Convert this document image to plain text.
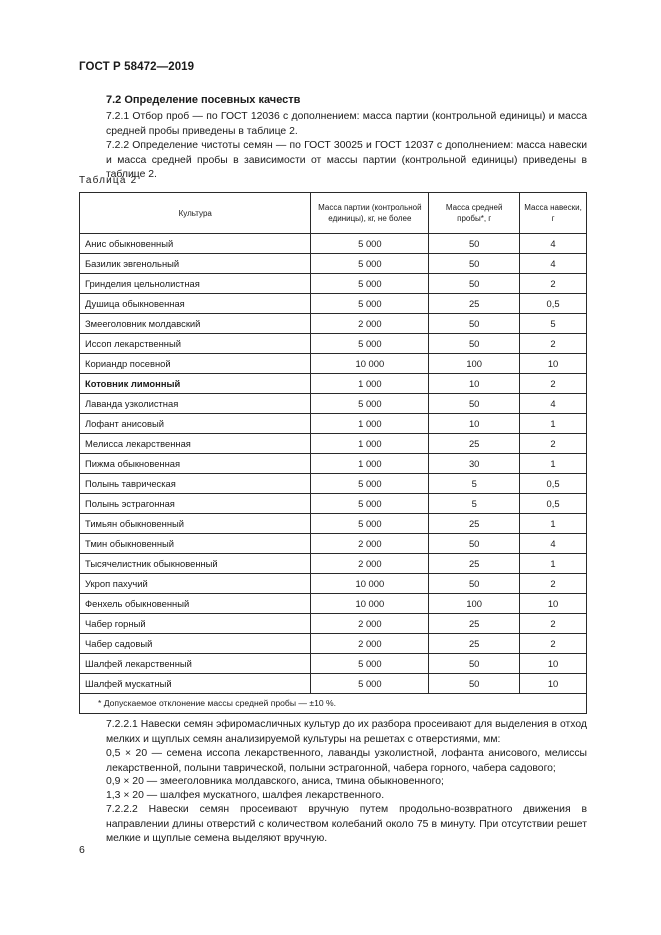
ГОСТ Р 58472—2019
7.2 Определение посевных качеств
7.2.1 Отбор проб — по ГОСТ 12036 с дополнением: масса партии (контрольной единицы) и масса средней пробы приведены в таблице 2.
7.2.2 Определение чистоты семян — по ГОСТ 30025 и ГОСТ 12037 с дополнением: масса навески и масса средней пробы в зависимости от массы партии (контрольной единицы) приведены в таблице 2.
Таблица 2
Культура	Масса партии (контрольной единицы), кг, не более	Масса средней пробы*, г	Масса навески, г
Анис обыкновенный	5 000	50	4
Базилик эвгенольный	5 000	50	4
Гринделия цельнолистная	5 000	50	2
Душица обыкновенная	5 000	25	0,5
Змееголовник молдавский	2 000	50	5
Иссоп лекарственный	5 000	50	2
Кориандр посевной	10 000	100	10
Котовник лимонный	1 000	10	2
Лаванда узколистная	5 000	50	4
Лофант анисовый	1 000	10	1
Мелисса лекарственная	1 000	25	2
Пижма обыкновенная	1 000	30	1
Полынь таврическая	5 000	5	0,5
Полынь эстрагонная	5 000	5	0,5
Тимьян обыкновенный	5 000	25	1
Тмин обыкновенный	2 000	50	4
Тысячелистник обыкновенный	2 000	25	1
Укроп пахучий	10 000	50	2
Фенхель обыкновенный	10 000	100	10
Чабер горный	2 000	25	2
Чабер садовый	2 000	25	2
Шалфей лекарственный	5 000	50	10
Шалфей мускатный	5 000	50	10
* Допускаемое отклонение массы средней пробы — ±10 %.			
7.2.2.1 Навески семян эфиромасличных культур до их разбора просеивают для выделения в отход мелких и щуплых семян анализируемой культуры на решетах с отверстиями, мм:
0,5 × 20 — семена иссопа лекарственного, лаванды узколистной, лофанта анисового, мелиссы лекарственной, полыни таврической, полыни эстрагонной, чабера горного, чабера садового;
0,9 × 20 — змееголовника молдавского, аниса, тмина обыкновенного;
1,3 × 20 — шалфея мускатного, шалфея лекарственного.
7.2.2.2 Навески семян просеивают вручную путем продольно-возвратного движения в направлении длины отверстий с количеством колебаний около 75 в минуту. При отсутствии решет мелкие и щуплые семена выделяют вручную.
6
